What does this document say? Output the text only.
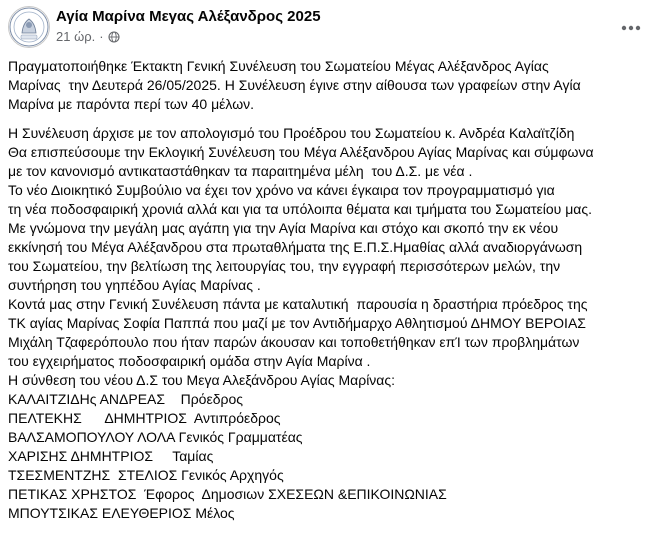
Αγία Μαρίνα Μεγας Αλέξανδρος 2025
21 ώρ. ·

Πραγματοποιήθηκε Έκτακτη Γενική Συνέλευση του Σωματείου Μέγας Αλέξανδρος Αγίας

Μαρίνας  την Δευτερά 26/05/2025. Η Συνέλευση έγινε στην αίθουσα των γραφείων στην Αγία

Μαρίνα με παρόντα περί των 40 μέλων.

Η Συνέλευση άρχισε με τον απολογισμό του Προέδρου του Σωματείου κ. Ανδρέα Καλαϊτζίδη

Θα επισπεύσουμε την Εκλογική Συνέλευση του Μέγα Αλέξανδρου Αγίας Μαρίνας και σύμφωνα

με τον κανονισμό αντικαταστάθηκαν τα παραιτημένα μέλη  του Δ.Σ. με νέα .

Το νέο Διοικητικό Συμβούλιο να έχει τον χρόνο να κάνει έγκαιρα τον προγραμματισμό για

τη νέα ποδοσφαιρική χρονιά αλλά και για τα υπόλοιπα θέματα και τμήματα του Σωματείου μας.

Με γνώμονα την μεγάλη μας αγάπη για την Αγία Μαρίνα και στόχο και σκοπό την εκ νέου

εκκίνησή του Μέγα Αλέξανδρου στα πρωταθλήματα της Ε.Π.Σ.Ημαθίας αλλά αναδιοργάνωση

του Σωματείου, την βελτίωση της λειτουργίας του, την εγγραφή περισσότερων μελών, την

συντήρηση του γηπέδου Αγίας Μαρίνας .

Κοντά μας στην Γενική Συνέλευση πάντα με καταλυτική  παρουσία η δραστήρια πρόεδρος της

ΤΚ αγίας Μαρίνας Σοφία Παππά που μαζί με τον Αντιδήμαρχο Αθλητισμού ΔΗΜΟΥ ΒΕΡΟΙΑΣ

Μιχάλη Τζαφερόπουλο που ήταν παρών άκουσαν και τοποθετήθηκαν επΊ των προβλημάτων

του εγχειρήματος ποδοσφαιρική ομάδα στην Αγία Μαρίνα .

Η σύνθεση του νέου Δ.Σ του Μεγα Αλεξάνδρου Αγίας Μαρίνας:

ΚΑΛΑΙΤΖΙΔΗς ΑΝΔΡΕΑΣ    Πρόεδρος

ΠΕΛΤΕΚΗΣ      ΔΗΜΗΤΡΙΟΣ  Αντιπρόεδρος

ΒΑΛΣΑΜΟΠΟΥΛΟΥ ΛΟΛΑ Γενικός Γραμματέας

ΧΑΡΙΣΗΣ ΔΗΜΗΤΡΙΟΣ     Ταμίας

ΤΣΕΣΜΕΝΤΖΗΣ  ΣΤΕΛΙΟΣ Γενικός Αρχηγός

ΠΕΤΙΚΑΣ ΧΡΗΣΤΟΣ  Έφορος  Δημοσιων ΣΧΕΣΕΩΝ &ΕΠΙΚΟΙΝΩΝΙΑΣ

ΜΠΟΥΤΣΙΚΑΣ ΕΛΕΥΘΕΡΙΟΣ Μέλος
